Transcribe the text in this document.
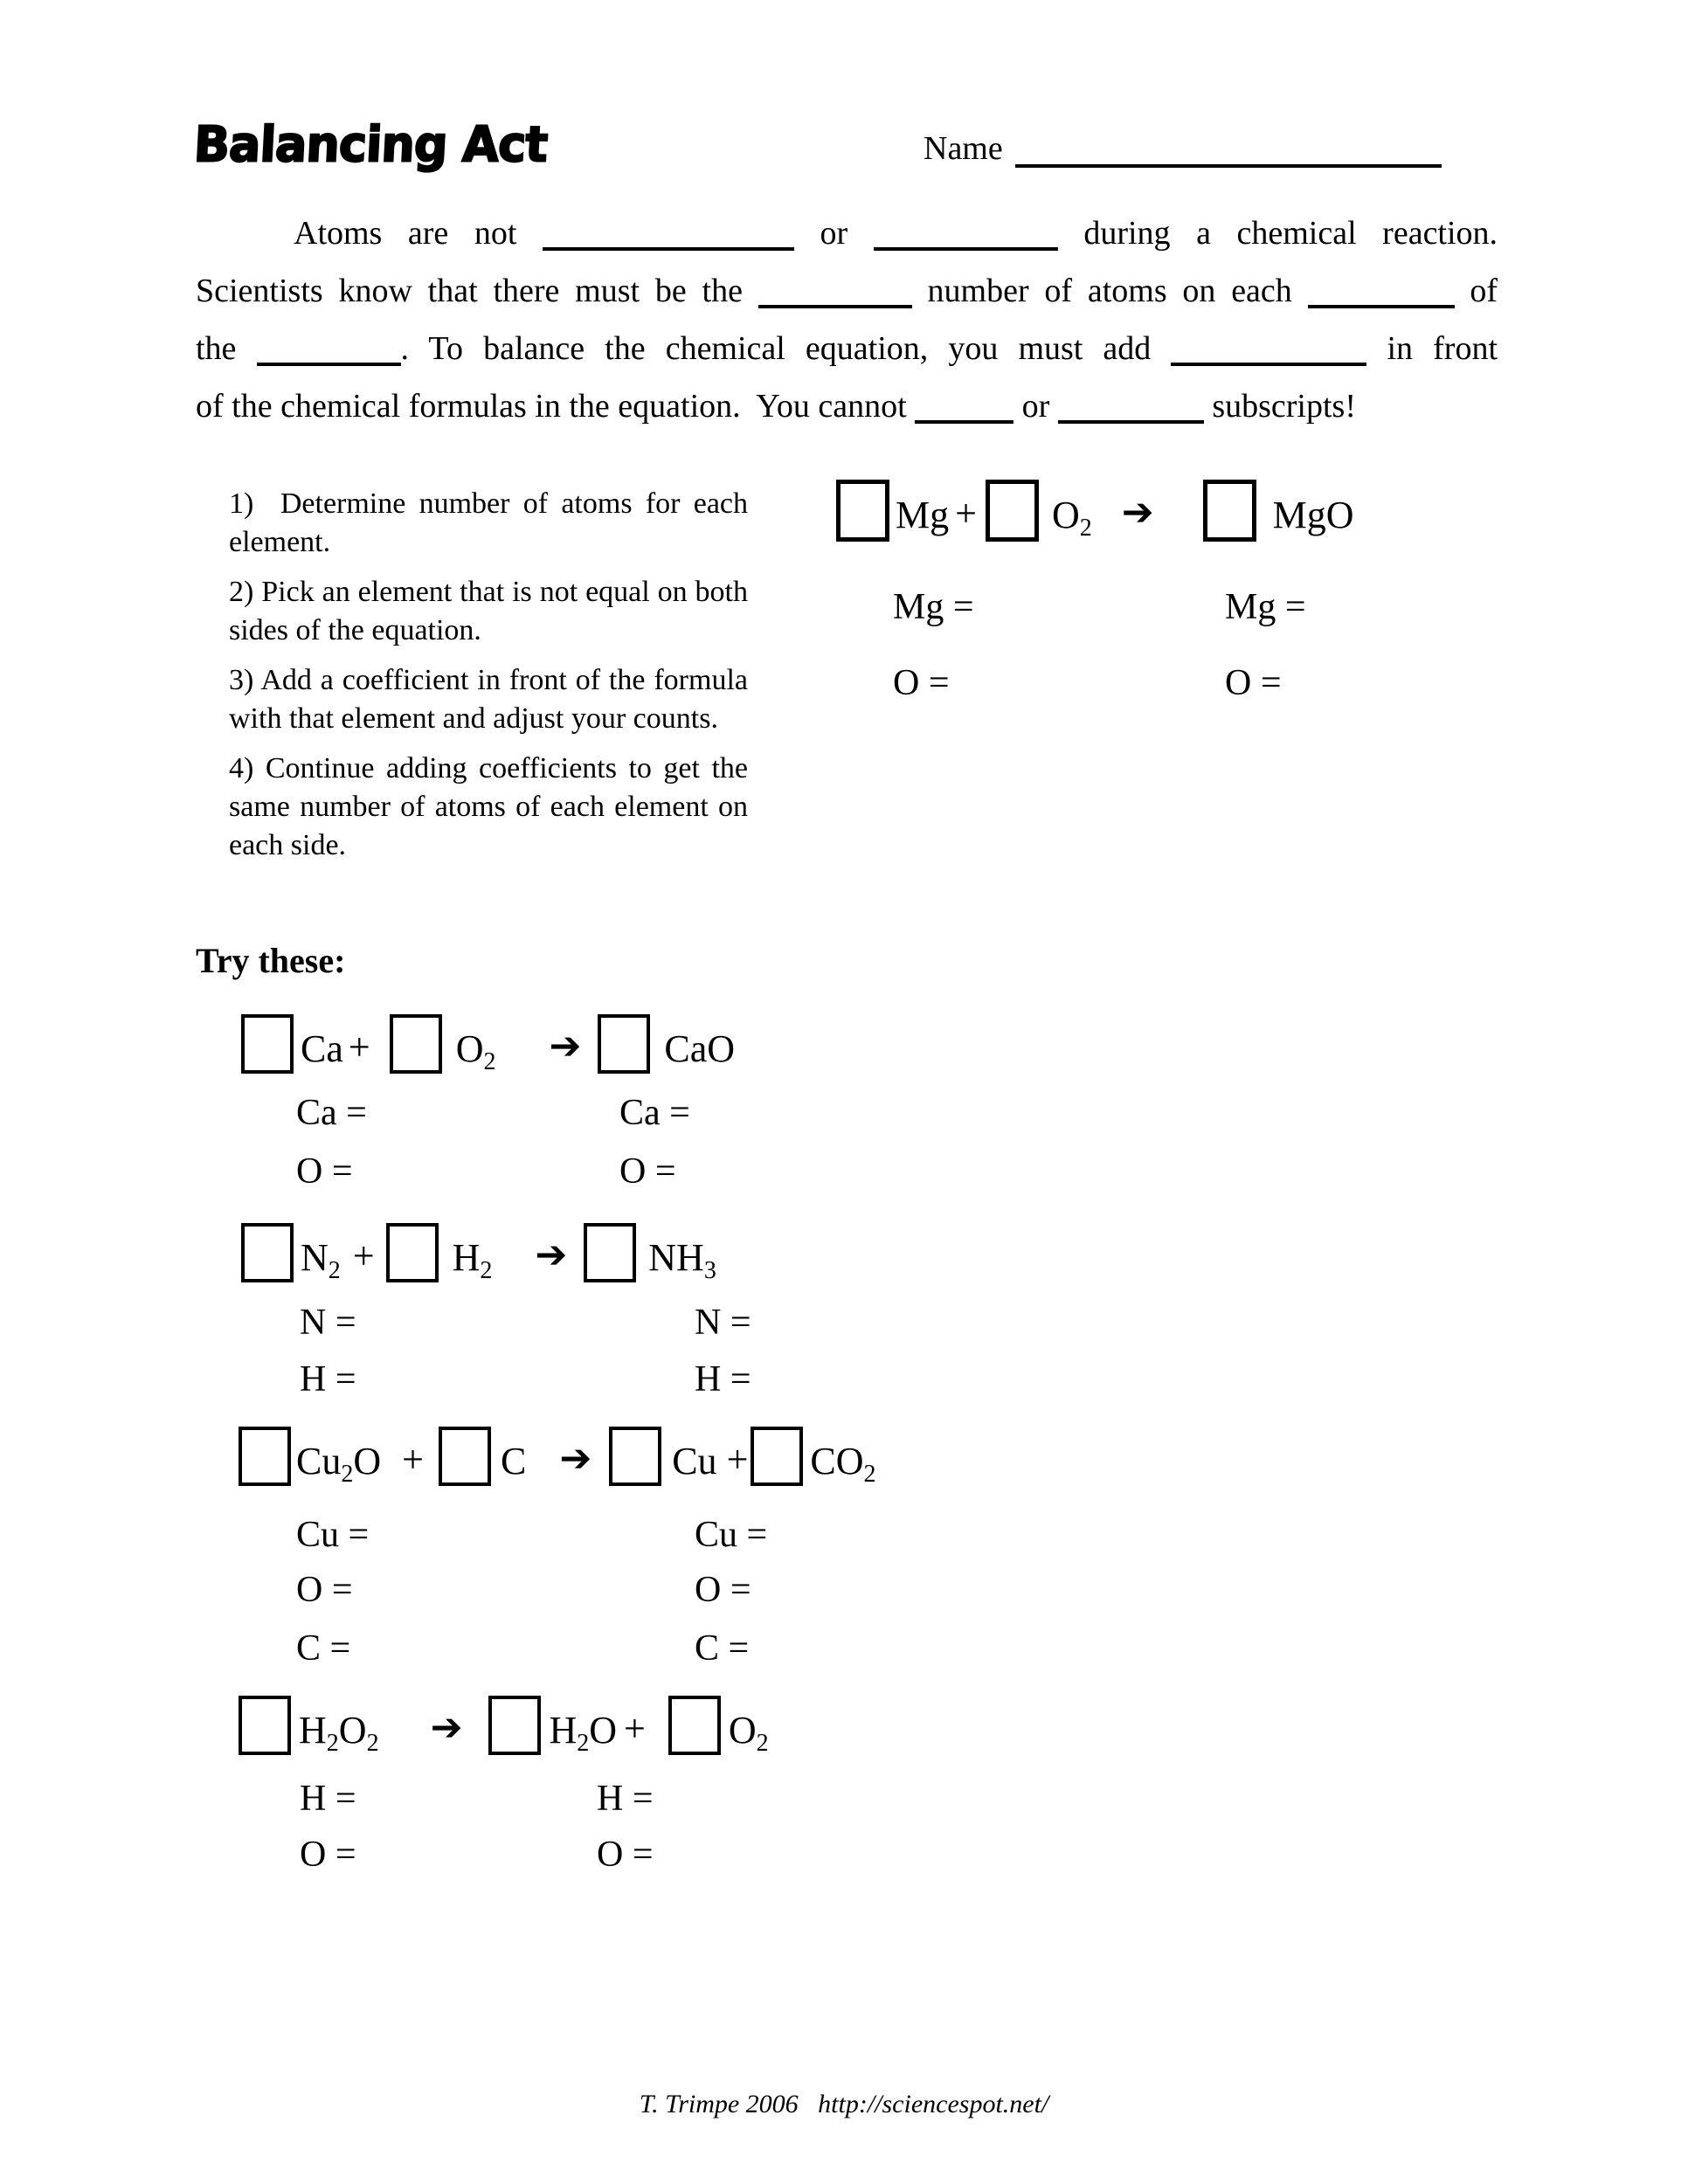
Balancing Act	Name
Atoms are not	or	during a chemical reaction.
Scientists know that there must be the	number of atoms on each	of
the	. To balance the chemical equation, you must add	in front
of the chemical formulas in the equation.  You cannot	or	subscripts!
1)  Determine number of atoms for each element.
2) Pick an element that is not equal on both sides of the equation.
3) Add a coefficient in front of the formula with that element and adjust your counts.
4) Continue adding coefficients to get the same number of atoms of each element on each side.
$Mg + O_2$ ➔	MgO
Mg =	Mg =
O =	O =
Try these:
$Ca + O_2$ ➔ CaO
Ca =	Ca =
O =	O =
$N_2 + H_2$ ➔ $NH_3$
N =	N =
H =	H =
$Cu_2O + C$ ➔ $Cu + CO_2$
Cu =	Cu =
O =	O =
C =	C =
$H_2O_2$ ➔ $H_2O + O_2$
H =	H =
O =	O =
T. Trimpe 2006   http://sciencespot.net/
